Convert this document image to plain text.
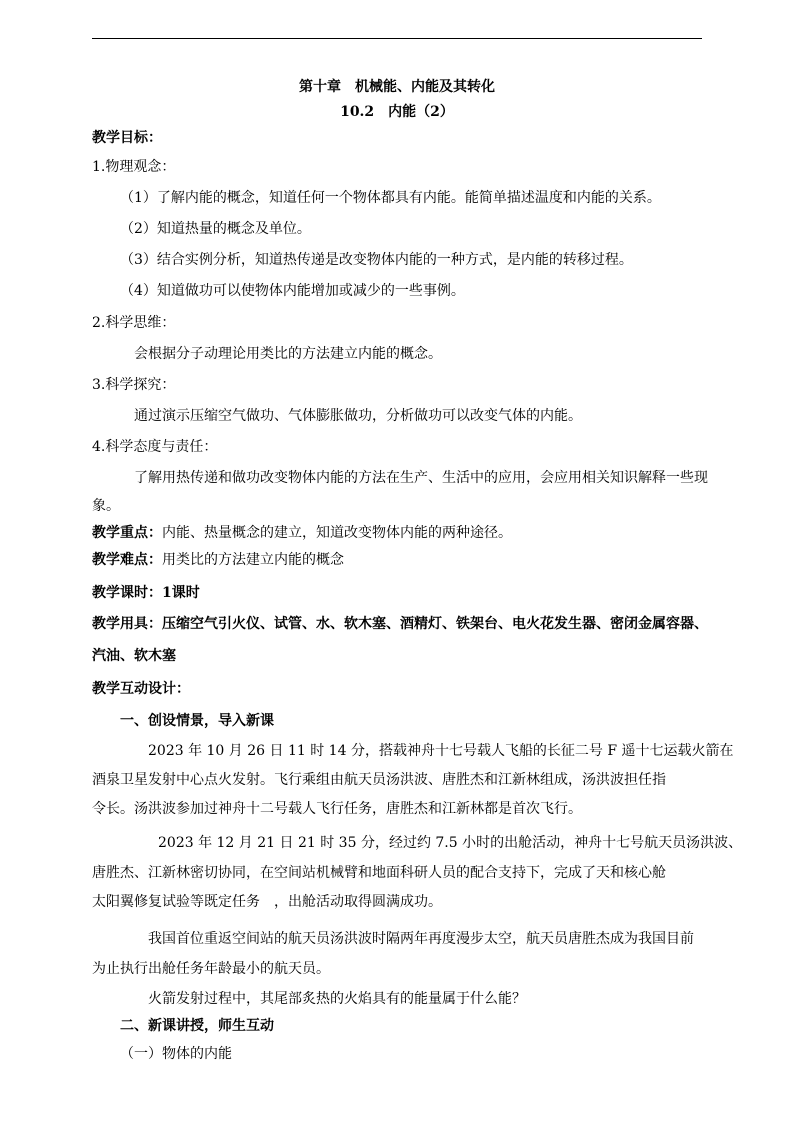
第十章　机械能、内能及其转化
10.2　内能（2）
教学目标：
1.物理观念：
（1）了解内能的概念，知道任何一个物体都具有内能。能简单描述温度和内能的关系。
（2）知道热量的概念及单位。
（3）结合实例分析，知道热传递是改变物体内能的一种方式，是内能的转移过程。
（4）知道做功可以使物体内能增加或减少的一些事例。
2.科学思维：
会根据分子动理论用类比的方法建立内能的概念。
3.科学探究：
通过演示压缩空气做功、气体膨胀做功，分析做功可以改变气体的内能。
4.科学态度与责任：
了解用热传递和做功改变物体内能的方法在生产、生活中的应用，会应用相关知识解释一些现
象。
教学重点：内能、热量概念的建立，知道改变物体内能的两种途径。
教学难点：用类比的方法建立内能的概念
教学课时：1课时
教学用具：压缩空气引火仪、试管、水、软木塞、酒精灯、铁架台、电火花发生器、密闭金属容器、
汽油、软木塞
教学互动设计：
一、创设情景，导入新课
2023 年 10 月 26 日 11 时 14 分，搭载神舟十七号载人飞船的长征二号 F 遥十七运载火箭在
酒泉卫星发射中心点火发射。飞行乘组由航天员汤洪波、唐胜杰和江新林组成，汤洪波担任指
令长。汤洪波参加过神舟十二号载人飞行任务，唐胜杰和江新林都是首次飞行。
2023 年 12 月 21 日 21 时 35 分，经过约 7.5 小时的出舱活动，神舟十七号航天员汤洪波、
唐胜杰、江新林密切协同，在空间站机械臂和地面科研人员的配合支持下，完成了天和核心舱
太阳翼修复试验等既定任务　，出舱活动取得圆满成功。
我国首位重返空间站的航天员汤洪波时隔两年再度漫步太空，航天员唐胜杰成为我国目前
为止执行出舱任务年龄最小的航天员。
火箭发射过程中，其尾部炙热的火焰具有的能量属于什么能？
二、新课讲授，师生互动
（一）物体的内能
